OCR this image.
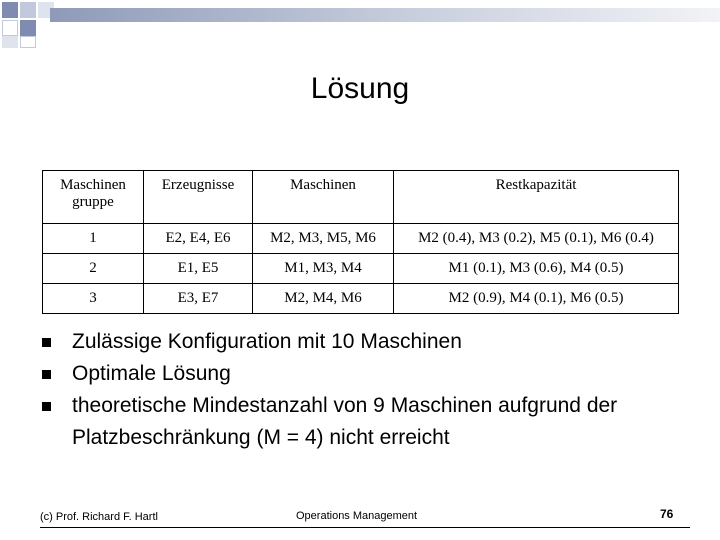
Lösung
Maschinen gruppe	Erzeugnisse	Maschinen	Restkapazität
1	E2, E4, E6	M2, M3, M5, M6	M2 (0.4), M3 (0.2), M5 (0.1), M6 (0.4)
2	E1, E5	M1, M3, M4	M1 (0.1), M3 (0.6), M4 (0.5)
3	E3, E7	M2, M4, M6	M2 (0.9), M4 (0.1), M6 (0.5)
Zulässige Konfiguration mit 10 Maschinen
Optimale Lösung
theoretische Mindestanzahl von 9 Maschinen aufgrund der Platzbeschränkung (M = 4) nicht erreicht
(c) Prof. Richard F. Hartl	Operations Management	76
